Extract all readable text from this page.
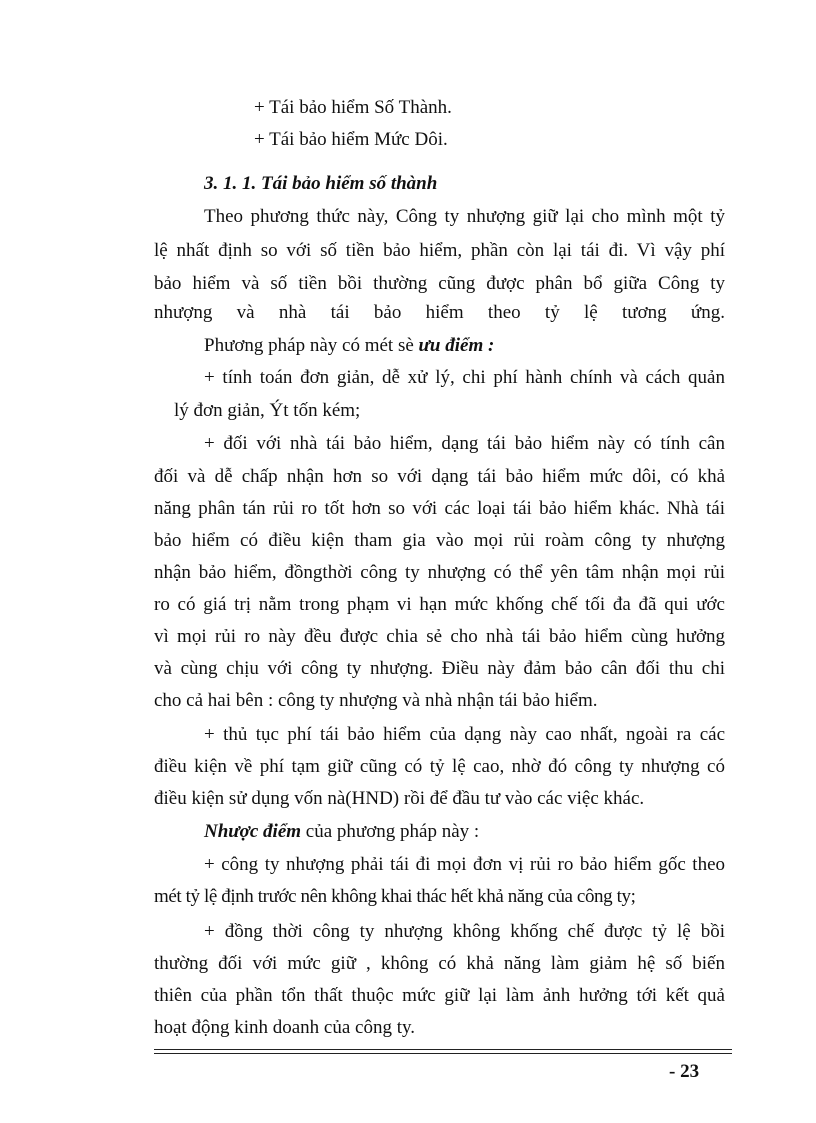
+ Tái bảo hiểm Số Thành.
+ Tái bảo hiểm Mức Dôi.
3. 1. 1. Tái bảo hiểm số thành
Theo phương thức này, Công ty nhượng giữ lại cho mình một tỷ
lệ nhất định so với số tiền bảo hiểm, phần còn lại tái đi. Vì vậy phí
bảo hiểm và số tiền bồi thường cũng được phân bổ giữa Công ty
nhượng và nhà tái bảo hiểm theo tỷ lệ tương ứng.
Phương pháp này có mét sè ưu điểm :
+ tính toán đơn giản, dễ xử lý, chi phí hành chính và cách quản
lý đơn giản, Ýt tốn kém;
+ đối với nhà tái bảo hiểm, dạng tái bảo hiểm này có tính cân
đối và dễ chấp nhận hơn so với dạng tái bảo hiểm mức dôi, có khả
năng phân tán rủi ro tốt hơn so với các loại tái bảo hiểm khác. Nhà tái
bảo hiểm có điều kiện tham gia vào mọi rủi roàm công ty nhượng
nhận bảo hiểm, đồngthời công ty nhượng có thể yên tâm nhận mọi rủi
ro có giá trị nằm trong phạm vi hạn mức khống chế tối đa đã qui ước
vì mọi rủi ro này đều được chia sẻ cho nhà tái bảo hiểm cùng hưởng
và cùng chịu với công ty nhượng. Điều này đảm bảo cân đối thu chi
cho cả hai bên : công ty nhượng và nhà nhận tái bảo hiểm.
+ thủ tục phí tái bảo hiểm của dạng này cao nhất, ngoài ra các
điều kiện về phí tạm giữ cũng có tỷ lệ cao, nhờ đó công ty nhượng có
điều kiện sử dụng vốn nà(HND) rồi để đầu tư vào các việc khác.
Nhược điểm của phương pháp này :
+ công ty nhượng phải tái đi mọi đơn vị rủi ro bảo hiểm gốc theo
mét tỷ lệ định trước nên không khai thác hết khả năng của công ty;
+ đồng thời công ty nhượng không khống chế được tỷ lệ bồi
thường đối với mức giữ , không có khả năng làm giảm hệ số biến
thiên của phần tổn thất thuộc mức giữ lại làm ảnh hưởng tới kết quả
hoạt động kinh doanh của công ty.
- 23
